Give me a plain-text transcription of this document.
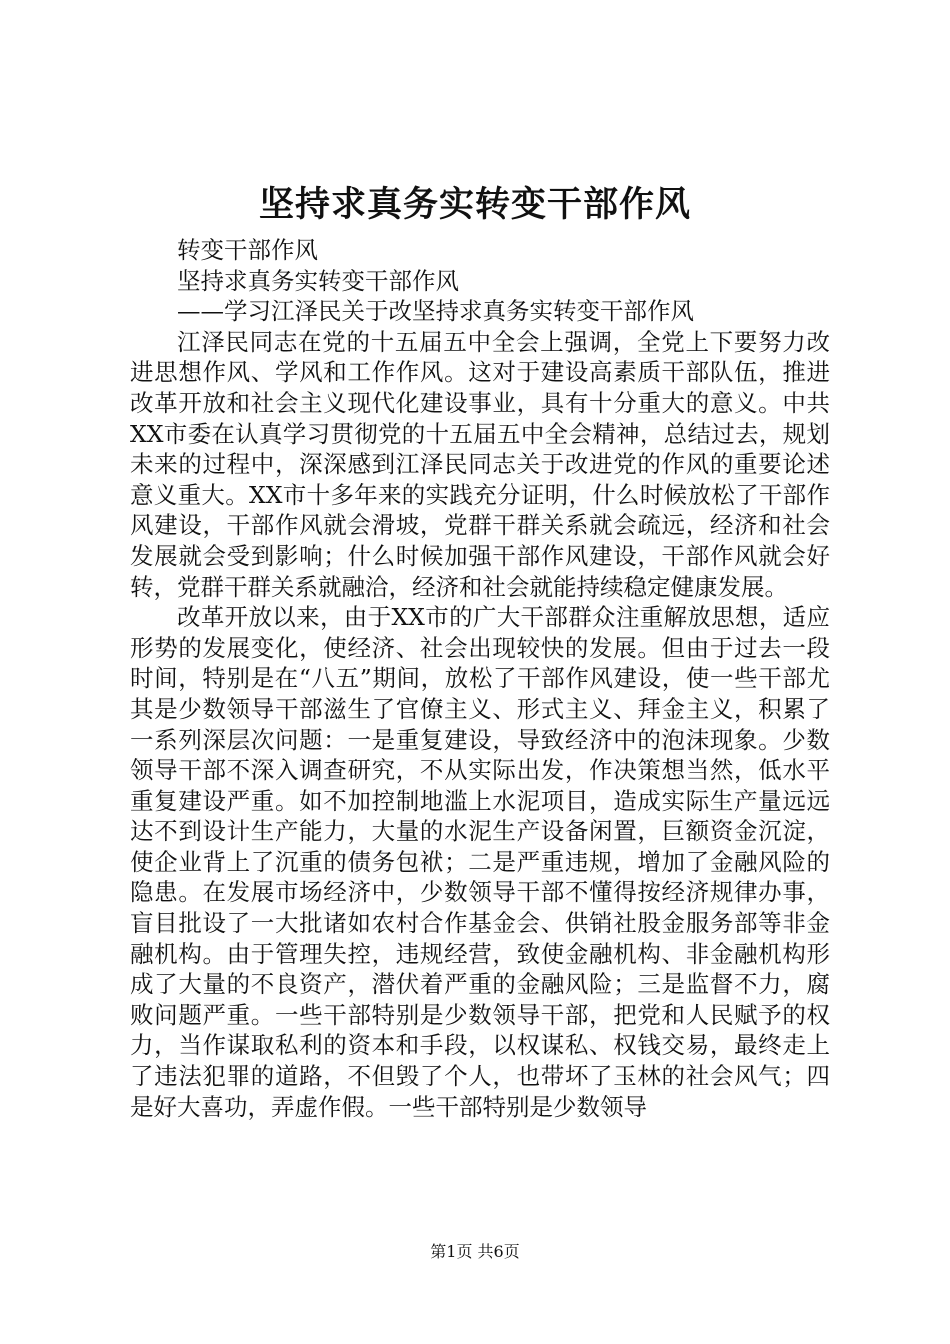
坚持求真务实转变干部作风

转变干部作风

坚持求真务实转变干部作风

——学习江泽民关于改坚持求真务实转变干部作风

江泽民同志在党的十五届五中全会上强调，全党上下要努力改进思想作风、学风和工作作风。这对于建设高素质干部队伍，推进改革开放和社会主义现代化建设事业，具有十分重大的意义。中共XX市委在认真学习贯彻党的十五届五中全会精神，总结过去，规划未来的过程中，深深感到江泽民同志关于改进党的作风的重要论述意义重大。XX市十多年来的实践充分证明，什么时候放松了干部作风建设，干部作风就会滑坡，党群干群关系就会疏远，经济和社会发展就会受到影响；什么时候加强干部作风建设，干部作风就会好转，党群干群关系就融洽，经济和社会就能持续稳定健康发展。

改革开放以来，由于XX市的广大干部群众注重解放思想，适应形势的发展变化，使经济、社会出现较快的发展。但由于过去一段时间，特别是在“八五”期间，放松了干部作风建设，使一些干部尤其是少数领导干部滋生了官僚主义、形式主义、拜金主义，积累了一系列深层次问题：一是重复建设，导致经济中的泡沫现象。少数领导干部不深入调查研究，不从实际出发，作决策想当然，低水平重复建设严重。如不加控制地滥上水泥项目，造成实际生产量远远达不到设计生产能力，大量的水泥生产设备闲置，巨额资金沉淀，使企业背上了沉重的债务包袱；二是严重违规，增加了金融风险的隐患。在发展市场经济中，少数领导干部不懂得按经济规律办事，盲目批设了一大批诸如农村合作基金会、供销社股金服务部等非金融机构。由于管理失控，违规经营，致使金融机构、非金融机构形成了大量的不良资产，潜伏着严重的金融风险；三是监督不力，腐败问题严重。一些干部特别是少数领导干部，把党和人民赋予的权力，当作谋取私利的资本和手段，以权谋私、权钱交易，最终走上了违法犯罪的道路，不但毁了个人，也带坏了玉林的社会风气；四是好大喜功，弄虚作假。一些干部特别是少数领导

第1页 共6页
